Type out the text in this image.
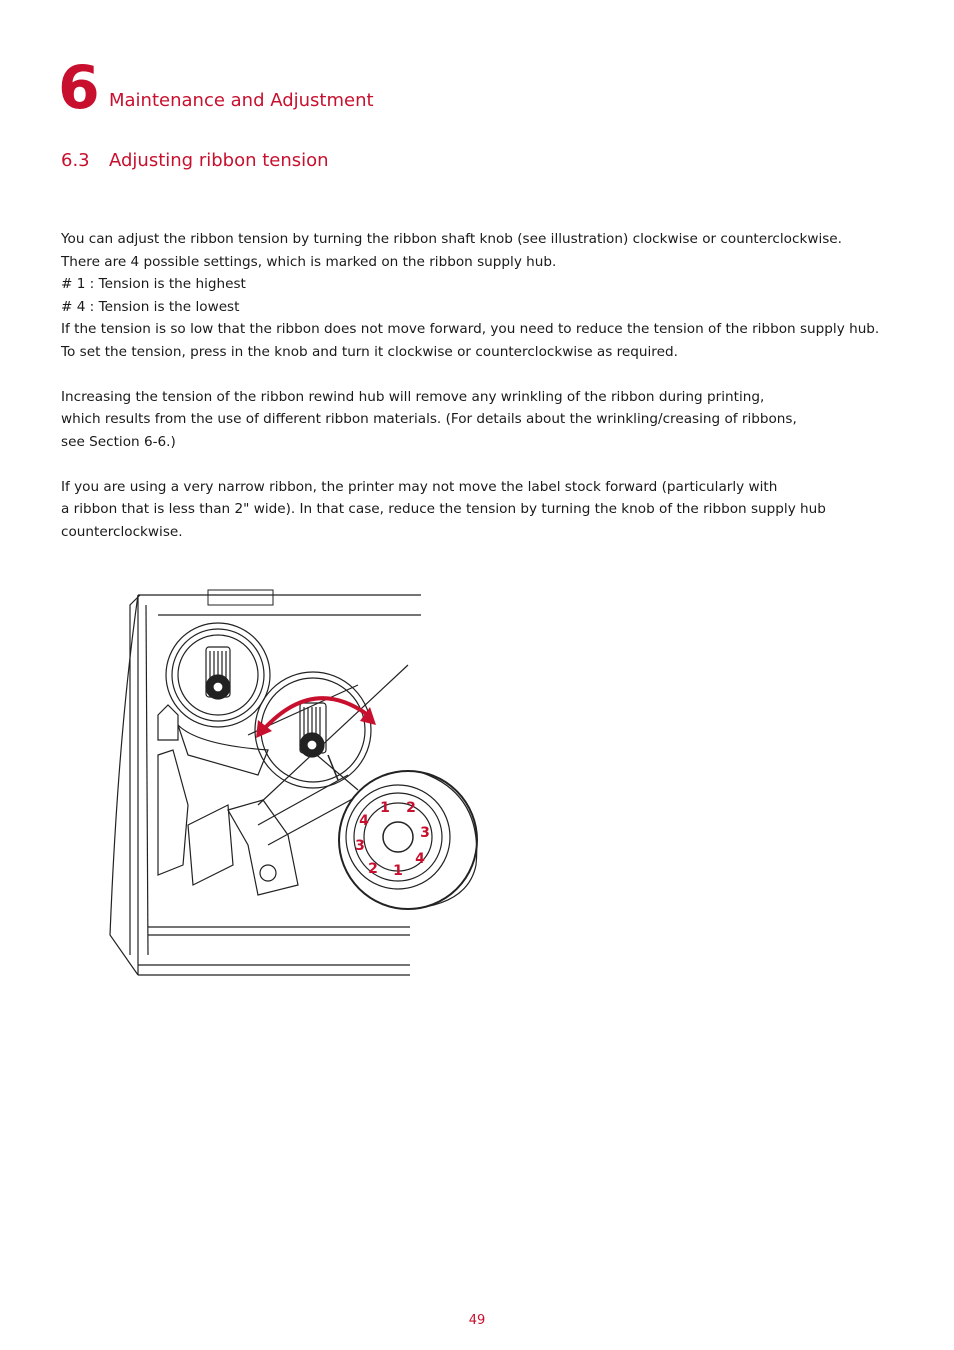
6 Maintenance and Adjustment
6.3 Adjusting ribbon tension

You can adjust the ribbon tension by turning the ribbon shaft knob (see illustration) clockwise or counterclockwise.

There are 4 possible settings, which is marked on the ribbon supply hub.

# 1 : Tension is the highest

# 4 : Tension is the lowest

If the tension is so low that the ribbon does not move forward, you need to reduce the tension of the ribbon supply hub.

To set the tension, press in the knob and turn it clockwise or counterclockwise as required.

Increasing the tension of the ribbon rewind hub will remove any wrinkling of the ribbon during printing,

which results from the use of different ribbon materials. (For details about the wrinkling/creasing of ribbons,

see Section 6-6.)

If you are using a very narrow ribbon, the printer may not move the label stock forward (particularly with

a ribbon that is less than 2" wide). In that case, reduce the tension by turning the knob of the ribbon supply hub

counterclockwise.

1 2
3
4
1
2
3
4
49
